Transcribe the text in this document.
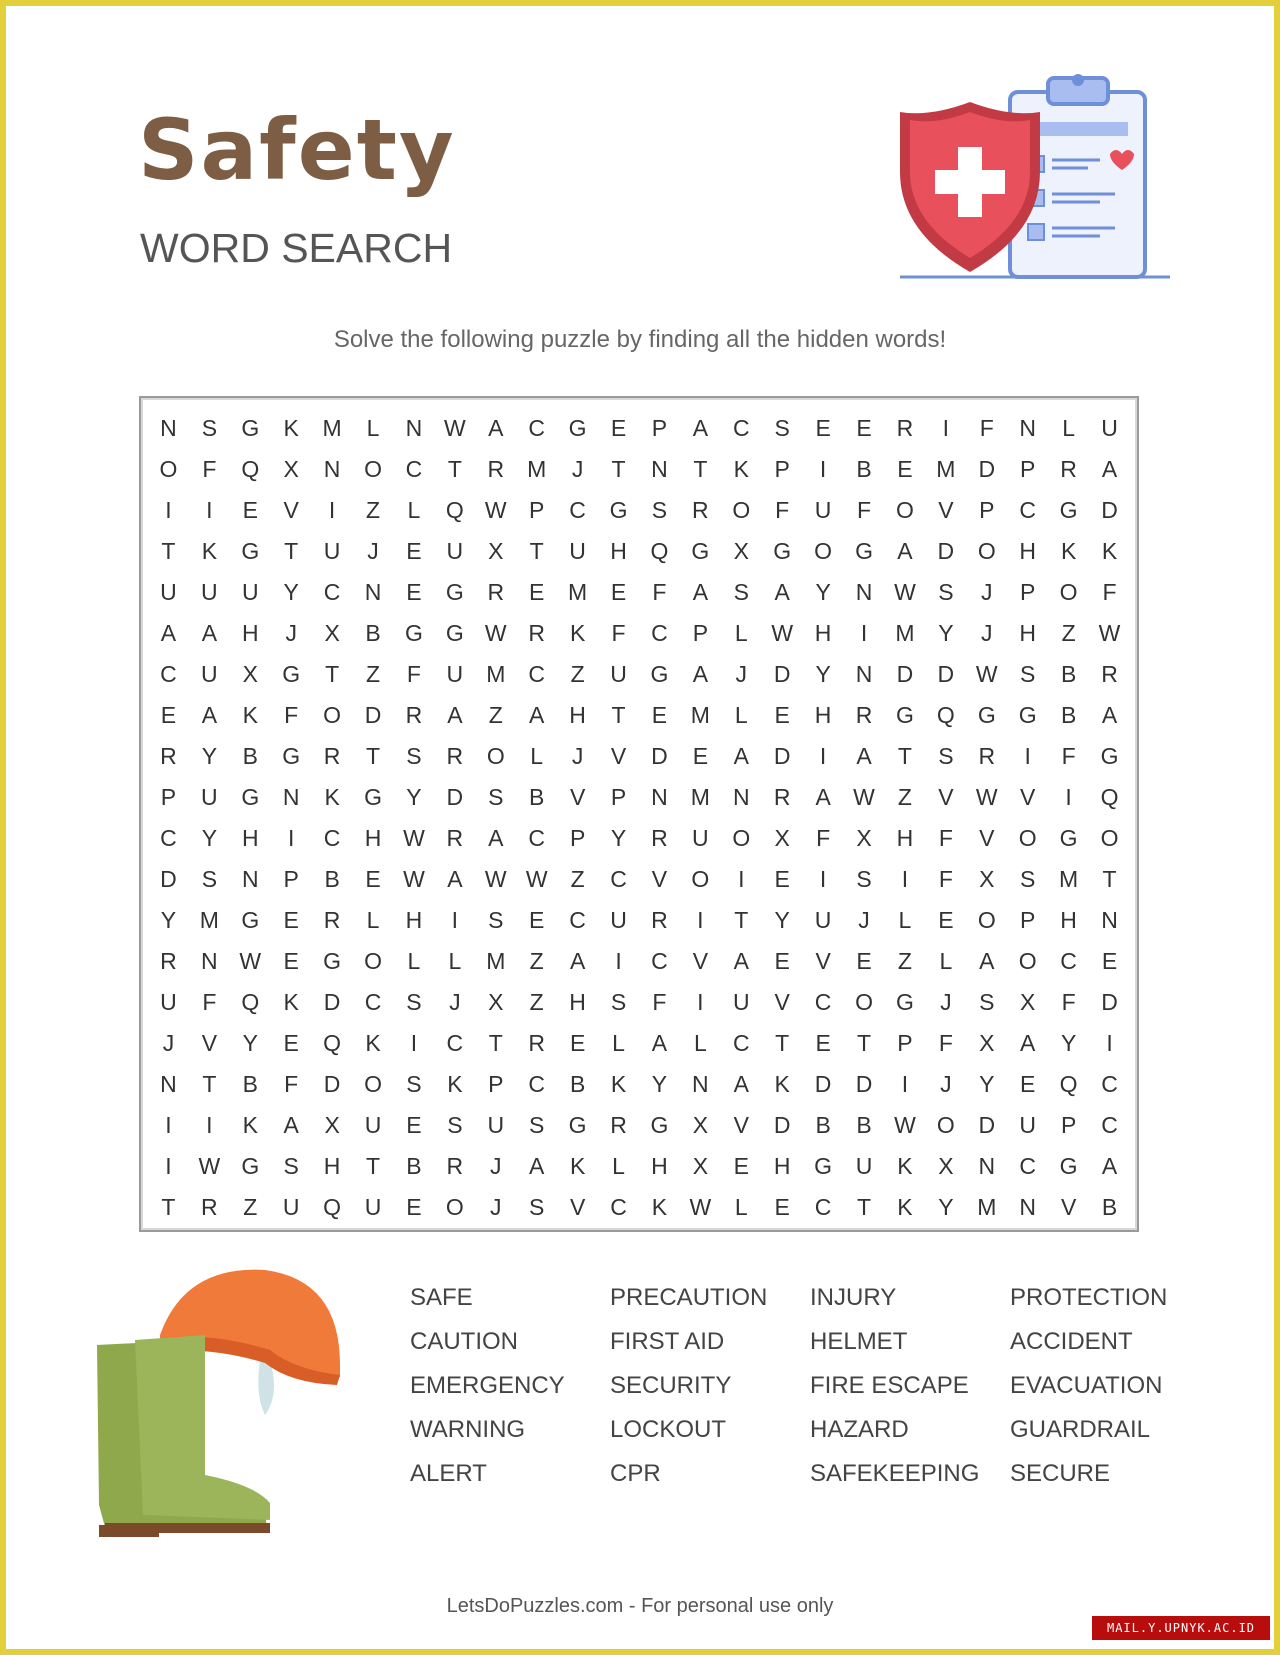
Safety
WORD SEARCH
Solve the following puzzle by finding all the hidden words!
N	S	G	K	M	L	N W A	C	G	E	P	A	C	S	E	E	R	I	F	N	L	U
O	F	Q	X	N	O	C	T	R	M	J	T	N	T	K	P	I	B	E	M	D	P	R	A
I	I	E	V	I	Z	L	Q W P	C	G	S	R	O	F	U	F	O	V	P	C	G	D
T	K	G	T	U	J	E	U	X	T	U	H	Q	G	X	G	O	G	A	D	O	H	K	K
U	U	U	Y	C	N	E	G	R	E	M	E	F	A	S	A	Y	N W S	J	P	O	F
A	A	H	J	X	B	G	G W R	K	F	C	P	L	W H	I	M	Y	J	H	Z	W
C	U	X	G	T	Z	F	U	M	C	Z	U	G	A	J	D	Y	N	D	D W S	B	R
E	A	K	F	O	D	R	A	Z	A	H	T	E	M	L	E	H	R	G	Q	G	G	B	A
R	Y	B	G	R	T	S	R	O	L	J	V	D	E	A	D	I	A	T	S	R	I	F	G
P	U	G	N	K	G	Y	D	S	B	V	P	N	M	N	R	A W	Z	V W V	I	Q
C	Y	H	I	C	H W R	A	C	P	Y	R	U	O	X	F	X	H	F	V	O	G	O
D	S	N	P	B	E W A W W	Z	C	V	O	I	E	I	S	I	F	X	S	M	T
Y	M G	E	R	L	H	I	S	E	C	U	R	I	T	Y	U	J	L	E	O	P	H	N
R	N W E	G	O	L	L	M	Z	A	I	C	V	A	E	V	E	Z	L	A	O	C	E
U	F	Q	K	D	C	S	J	X	Z	H	S	F	I	U	V	C	O	G	J	S	X	F	D
J	V	Y	E	Q	K	I	C	T	R	E	L	A	L	C	T	E	T	P	F	X	A	Y	I
N	T	B	F	D	O	S	K	P	C	B	K	Y	N	A	K	D	D	I	J	Y	E	Q	C
I	I	K	A	X	U	E	S	U	S	G	R	G	X	V	D	B	B W O	D	U	P	C
I	W G	S	H	T	B	R	J	A	K	L	H	X	E	H	G	U	K	X	N	C	G	A
T	R	Z	U	Q	U	E	O	J	S	V	C	K W	L	E	C	T	K	Y	M	N	V	B
SAFE	PRECAUTION	INJURY	PROTECTION
CAUTION	FIRST AID	HELMET	ACCIDENT
EMERGENCY	SECURITY	FIRE ESCAPE	EVACUATION
WARNING	LOCKOUT	HAZARD	GUARDRAIL
ALERT	CPR	SAFEKEEPING	SECURE
LetsDoPuzzles.com - For personal use only
MAIL.Y.UPNYK.AC.ID
